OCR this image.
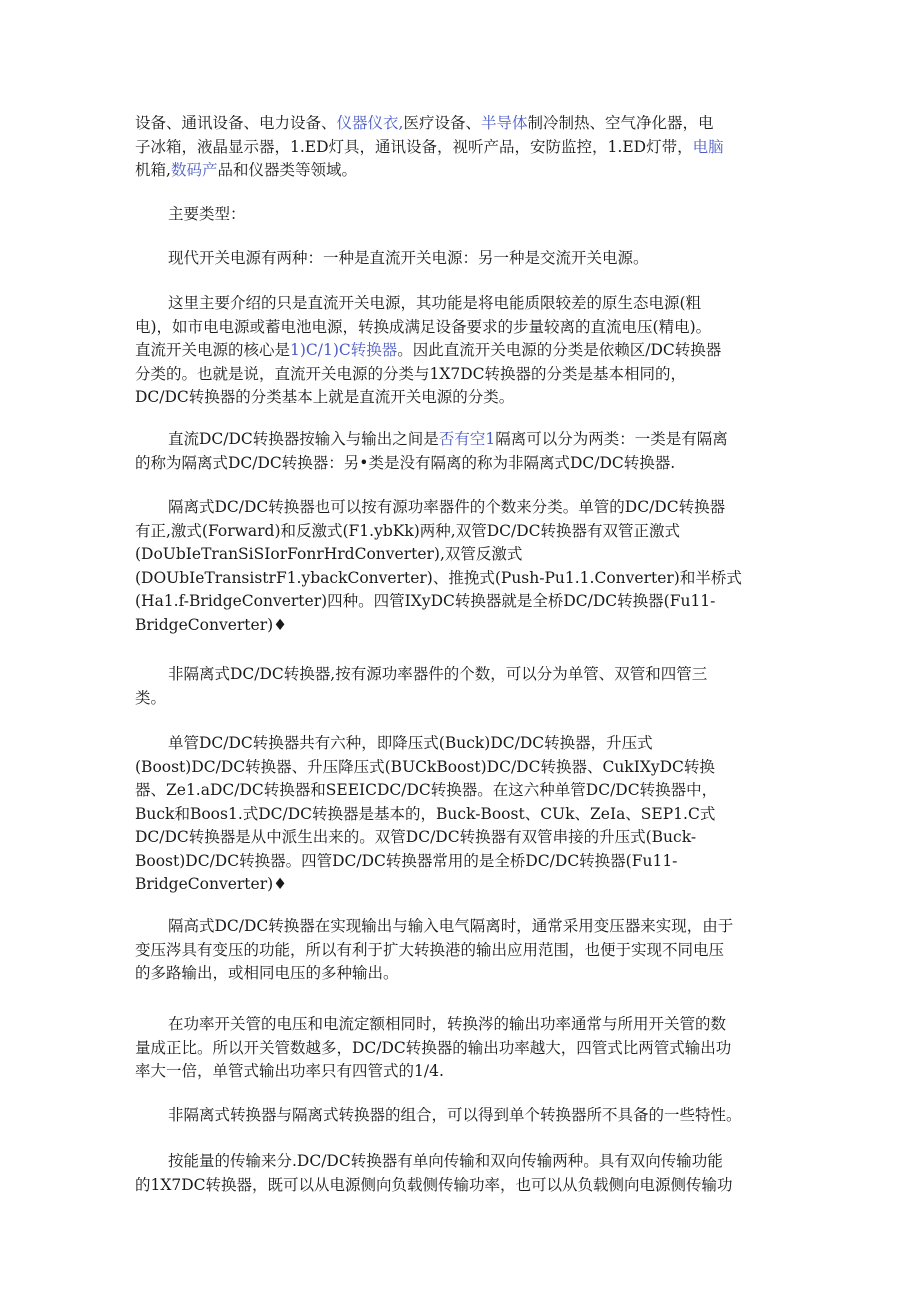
设备、通讯设备、电力设备、仪器仪衣,医疗设备、半导体制冷制热、空气净化器，电
子冰箱，液晶显示器，1.ED灯具，通讯设备，视听产品，安防监控，1.ED灯带，电脑
机箱,数码产品和仪器类等领域。
主要类型：
现代开关电源有两种：一种是直流开关电源：另一种是交流开关电源。
这里主要介绍的只是直流开关电源，其功能是将电能质限较差的原生态电源(粗
电)，如市电电源或蓄电池电源，转换成满足设备要求的步量较离的直流电压(精电)。
直流开关电源的核心是1)C/1)C转换器。因此直流开关电源的分类是依赖区/DC转换器
分类的。也就是说，直流开关电源的分类与1X7DC转换器的分类是基本相同的，
DC/DC转换器的分类基本上就是直流开关电源的分类。
直流DC/DC转换器按输入与输出之间是否有空1隔离可以分为两类：一类是有隔离
的称为隔离式DC/DC转换器：另•类是没有隔离的称为非隔离式DC/DC转换器.
隔离式DC/DC转换器也可以按有源功率器件的个数来分类。单管的DC/DC转换器
有正,激式(Forward)和反激式(F1.ybKk)两种,双管DC/DC转换器有双管正激式
(DoUbIeTranSiSIorFonrHrdConverter),双管反激式
(DOUbIeTransistrF1.ybackConverter)、推挽式(Push-Pu1.1.Converter)和半桥式
(Ha1.f-BridgeConverter)四种。四管IXyDC转换器就是全桥DC/DC转换器(Fu11-
BridgeConverter)♦
非隔离式DC/DC转换器,按有源功率器件的个数，可以分为单管、双管和四管三
类。
单管DC/DC转换器共有六种，即降压式(Buck)DC/DC转换器，升压式
(Boost)DC/DC转换器、升压降压式(BUCkBoost)DC/DC转换器、CukIXyDC转换
器、Ze1.aDC/DC转换器和SEEICDC/DC转换器。在这六种单管DC/DC转换器中，
Buck和Boos1.式DC/DC转换器是基本的，Buck-Boost、CUk、ZeIa、SEP1.C式
DC/DC转换器是从中派生出来的。双管DC/DC转换器有双管串接的升压式(Buck-
Boost)DC/DC转换器。四管DC/DC转换器常用的是全桥DC/DC转换器(Fu11-
BridgeConverter)♦
隔高式DC/DC转换器在实现输出与输入电气隔离时，通常采用变压器来实现，由于
变压涔具有变压的功能，所以有利于扩大转换港的输出应用范围，也便于实现不同电压
的多路输出，或相同电压的多种输出。
在功率开关管的电压和电流定额相同时，转换涔的输出功率通常与所用开关管的数
量成正比。所以开关管数越多，DC/DC转换器的输出功率越大，四管式比两管式输出功
率大一倍，单管式输出功率只有四管式的1/4.
非隔离式转换器与隔离式转换器的组合，可以得到单个转换器所不具备的一些特性。
按能量的传输来分.DC/DC转换器有单向传输和双向传输两种。具有双向传输功能
的1X7DC转换器，既可以从电源侧向负载侧传输功率，也可以从负载侧向电源侧传输功
